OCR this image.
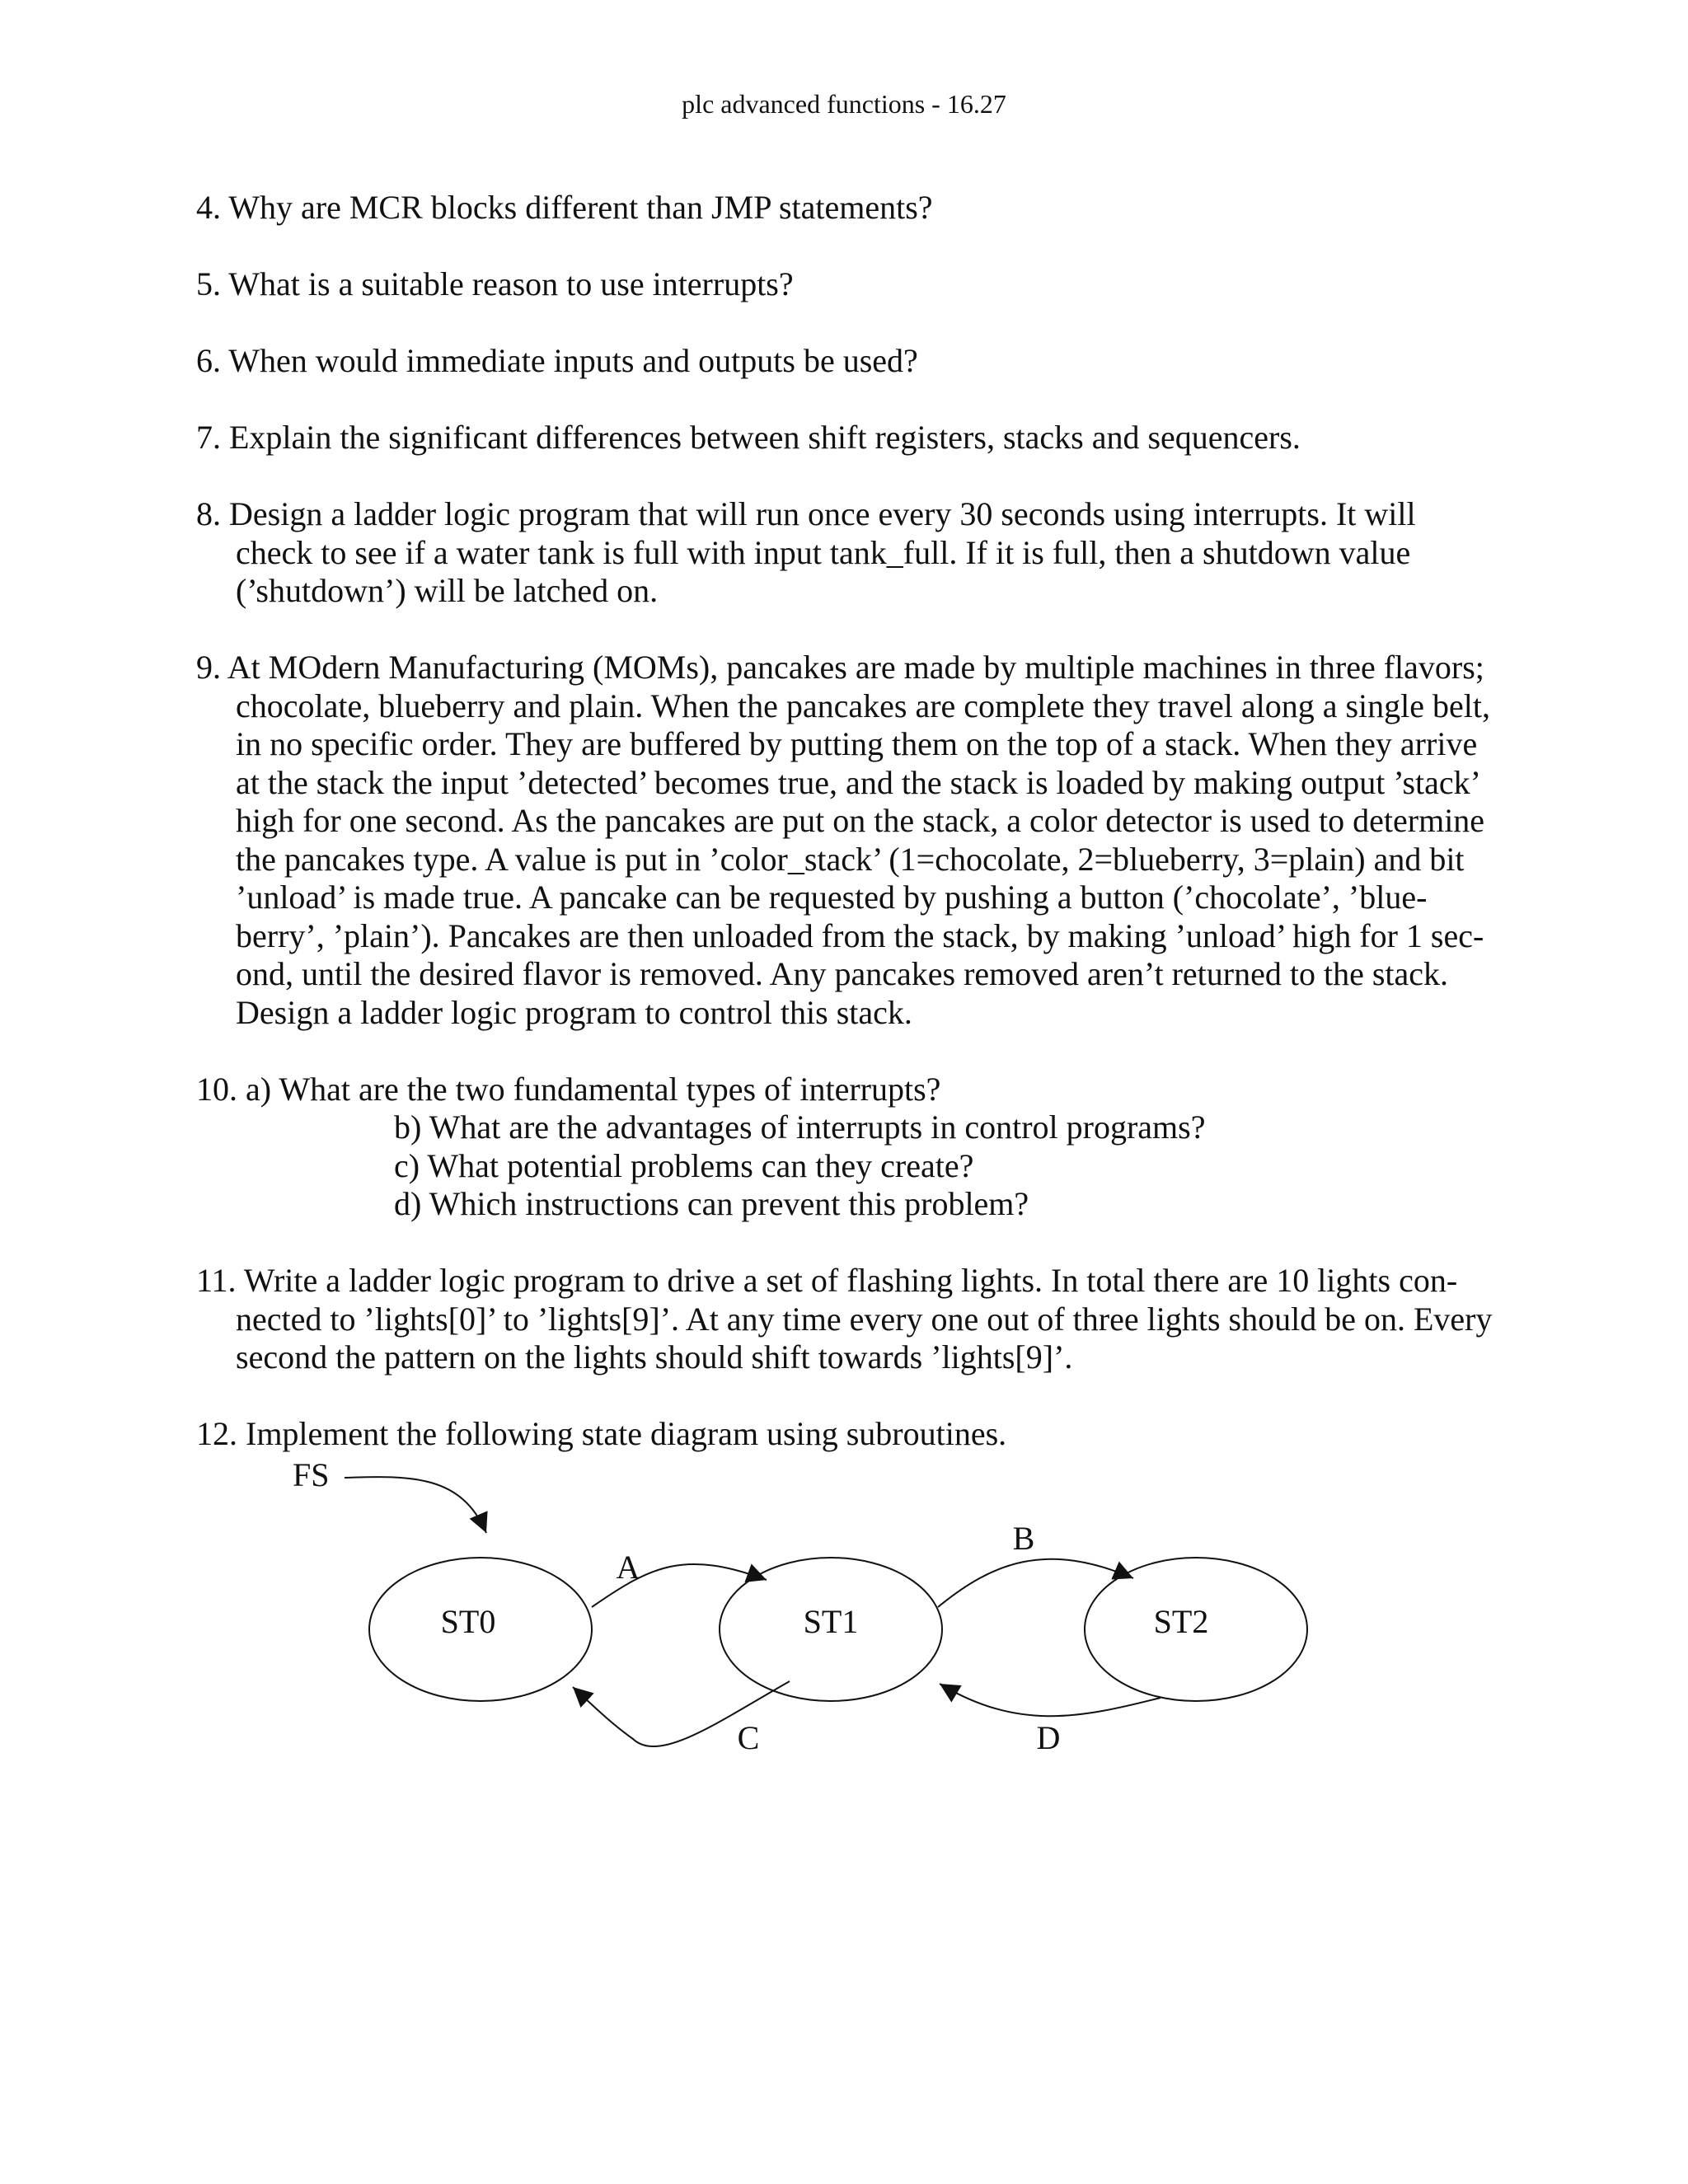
plc advanced functions - 16.27
4. Why are MCR blocks different than JMP statements?
5. What is a suitable reason to use interrupts?
6. When would immediate inputs and outputs be used?
7. Explain the significant differences between shift registers, stacks and sequencers.
8. Design a ladder logic program that will run once every 30 seconds using interrupts. It will check to see if a water tank is full with input tank_full. If it is full, then a shutdown value (’shutdown’) will be latched on.
9. At MOdern Manufacturing (MOMs), pancakes are made by multiple machines in three flavors; chocolate, blueberry and plain. When the pancakes are complete they travel along a single belt, in no specific order. They are buffered by putting them on the top of a stack. When they arrive at the stack the input ’detected’ becomes true, and the stack is loaded by making output ’stack’ high for one second. As the pancakes are put on the stack, a color detector is used to determine the pancakes type. A value is put in ’color_stack’ (1=chocolate, 2=blueberry, 3=plain) and bit ’unload’ is made true. A pancake can be requested by pushing a button (’chocolate’, ’blue- berry’, ’plain’). Pancakes are then unloaded from the stack, by making ’unload’ high for 1 sec- ond, until the desired flavor is removed. Any pancakes removed aren’t returned to the stack. Design a ladder logic program to control this stack.
10. a) What are the two fundamental types of interrupts?
b) What are the advantages of interrupts in control programs?
c) What potential problems can they create?
d) Which instructions can prevent this problem?
11. Write a ladder logic program to drive a set of flashing lights. In total there are 10 lights con- nected to ’lights[0]’ to ’lights[9]’. At any time every one out of three lights should be on. Every second the pattern on the lights should shift towards ’lights[9]’.
12. Implement the following state diagram using subroutines.
FS
ST0	ST1	ST2
A
B
C	D
